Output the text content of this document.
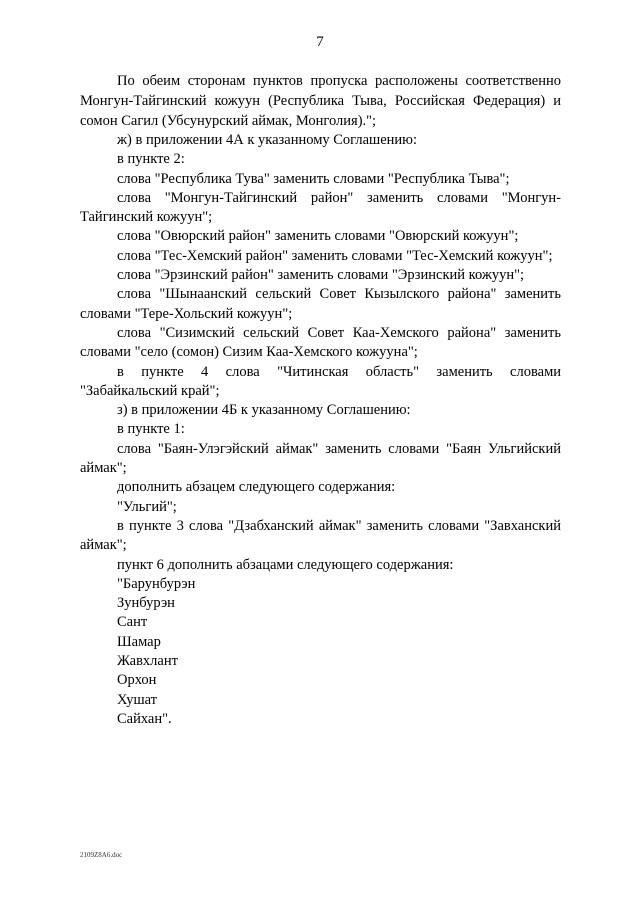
7

По обеим сторонам пунктов пропуска расположены соответственно Монгун-Тайгинский кожуун (Республика Тыва, Российская Федерация) и сомон Сагил (Убсунурский аймак, Монголия).";

ж) в приложении 4А к указанному Соглашению:

в пункте 2:

слова "Республика Тува" заменить словами "Республика Тыва";

слова "Монгун-Тайгинский район" заменить словами "Монгун-Тайгинский кожуун";

слова "Овюрский район" заменить словами "Овюрский кожуун";

слова "Тес-Хемский район" заменить словами "Тес-Хемский кожуун";

слова "Эрзинский район" заменить словами "Эрзинский кожуун";

слова "Шынаанский сельский Совет Кызылского района" заменить словами "Тере-Хольский кожуун";

слова "Сизимский сельский Совет Каа-Хемского района" заменить словами "село (сомон) Сизим Каа-Хемского кожууна";

в пункте 4 слова "Читинская область" заменить словами "Забайкальский край";

з) в приложении 4Б к указанному Соглашению:

в пункте 1:

слова "Баян-Улэгэйский аймак" заменить словами "Баян Ульгийский аймак";

дополнить абзацем следующего содержания:

"Ульгий";

в пункте 3 слова "Дзабханский аймак" заменить словами "Завханский аймак";

пункт 6 дополнить абзацами следующего содержания:

"Барунбурэн

Зунбурэн

Сант

Шамар

Жавхлант

Орхон

Хушат

Сайхан".

2109Z8A6.doc
